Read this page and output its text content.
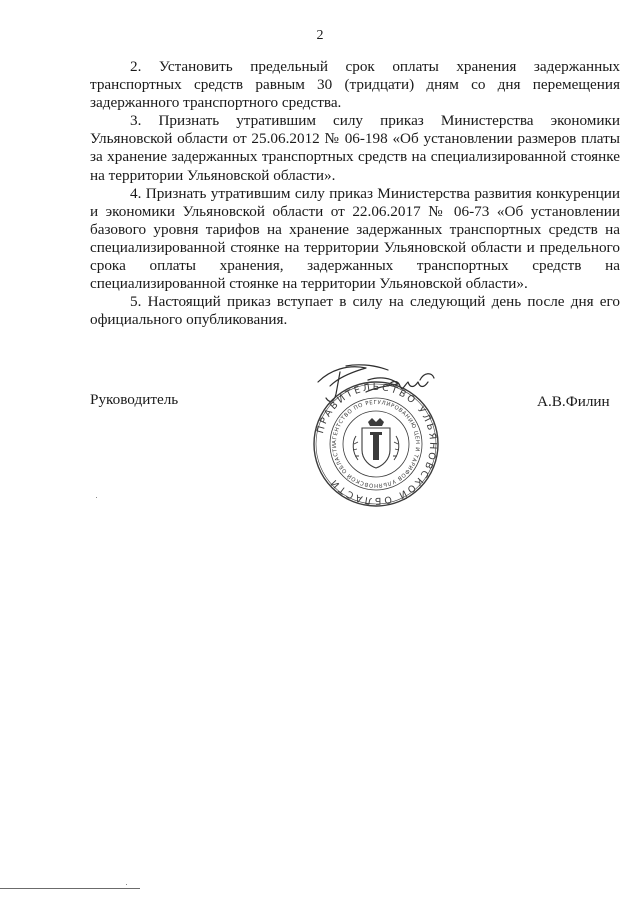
2

2. Установить предельный срок оплаты хранения задержанных транспортных средств равным 30 (тридцати) дням со дня перемещения задержанного транспортного средства.

3. Признать утратившим силу приказ Министерства экономики Ульяновской области от 25.06.2012 № 06-198 «Об установлении размеров платы за хранение задержанных транспортных средств на специализированной стоянке на территории Ульяновской области».

4. Признать утратившим силу приказ Министерства развития конкуренции и экономики Ульяновской области от 22.06.2017 № 06-73 «Об установлении базового уровня тарифов на хранение задержанных транспортных средств на специализированной стоянке на территории Ульяновской области и предельного срока оплаты хранения, задержанных транспортных средств на специализированной стоянке на территории Ульяновской области».

5. Настоящий приказ вступает в силу на следующий день после дня его официального опубликования.

Руководитель	А.В.Филин
ПРАВИТЕЛЬСТВО УЛЬЯНОВСКОЙ ОБЛАСТИ
АГЕНТСТВО ПО РЕГУЛИРОВАНИЮ ЦЕН И ТАРИФОВ УЛЬЯНОВСКОЙ ОБЛАСТИ
